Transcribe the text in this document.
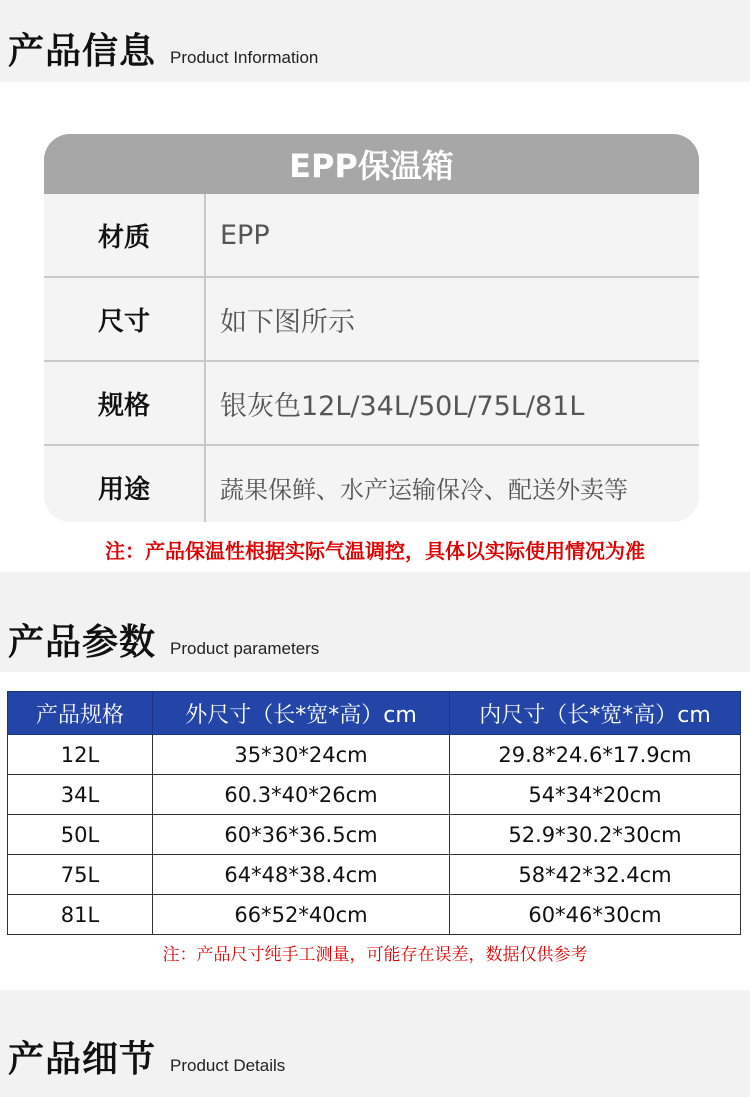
产品信息 Product Information
EPP保温箱
材质	EPP
尺寸	如下图所示
规格	银灰色12L/34L/50L/75L/81L
用途	蔬果保鲜、水产运输保冷、配送外卖等
注：产品保温性根据实际气温调控，具体以实际使用情况为准
产品参数 Product parameters
产品规格	外尺寸（长*宽*高）cm	内尺寸（长*宽*高）cm
12L	35*30*24cm	29.8*24.6*17.9cm
34L	60.3*40*26cm	54*34*20cm
50L	60*36*36.5cm	52.9*30.2*30cm
75L	64*48*38.4cm	58*42*32.4cm
81L	66*52*40cm	60*46*30cm
注：产品尺寸纯手工测量，可能存在误差，数据仅供参考
产品细节 Product Details
